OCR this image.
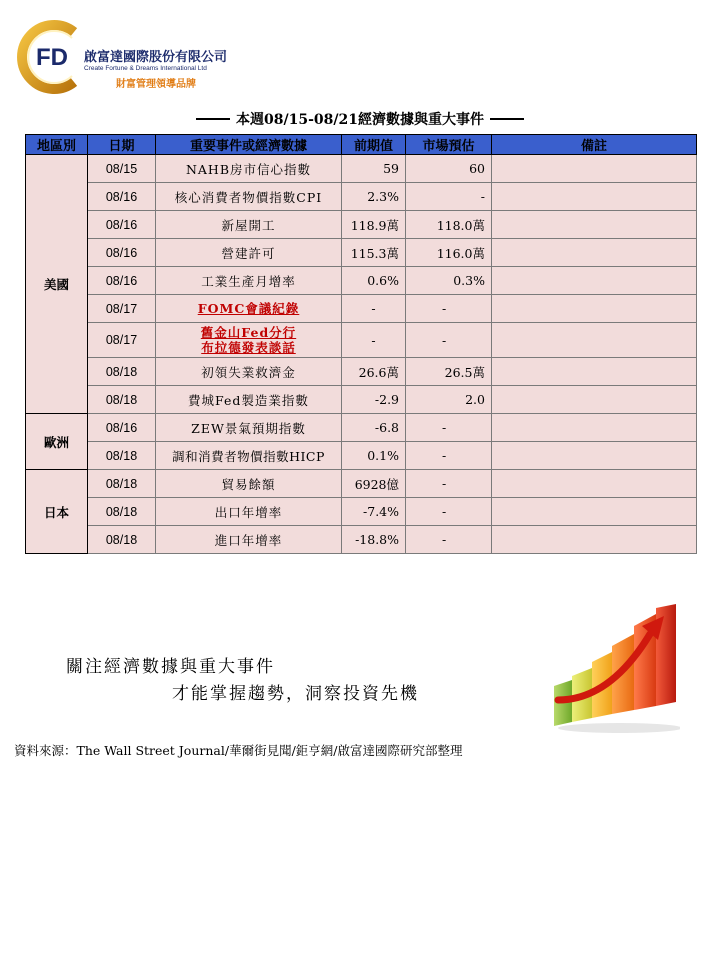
FD 啟富達國際股份有限公司
Create Fortune & Dreams International Ltd
財富管理領導品牌
本週08/15-08/21經濟數據與重大事件
地區別	日期	重要事件或經濟數據	前期值	市場預估	備註
美國	08/15	NAHB房市信心指數	59	60	
	08/16	核心消費者物價指數CPI	2.3%	-	
	08/16	新屋開工	118.9萬	118.0萬	
	08/16	營建許可	115.3萬	116.0萬	
	08/16	工業生產月增率	0.6%	0.3%	
	08/17	FOMC會議紀錄	-	-	
	08/17	舊金山Fed分行
布拉德發表談話	-	-	
	08/18	初領失業救濟金	26.6萬	26.5萬	
	08/18	費城Fed製造業指數	-2.9	2.0	
歐洲	08/16	ZEW景氣預期指數	-6.8	-	
	08/18	調和消費者物價指數HICP	0.1%	-	
日本	08/18	貿易餘額	6928億	-	
	08/18	出口年增率	-7.4%	-	
	08/18	進口年增率	-18.8%	-	
關注經濟數據與重大事件
才能掌握趨勢，洞察投資先機
資料來源：The Wall Street Journal/華爾街見聞/鉅亨網/啟富達國際研究部整理
